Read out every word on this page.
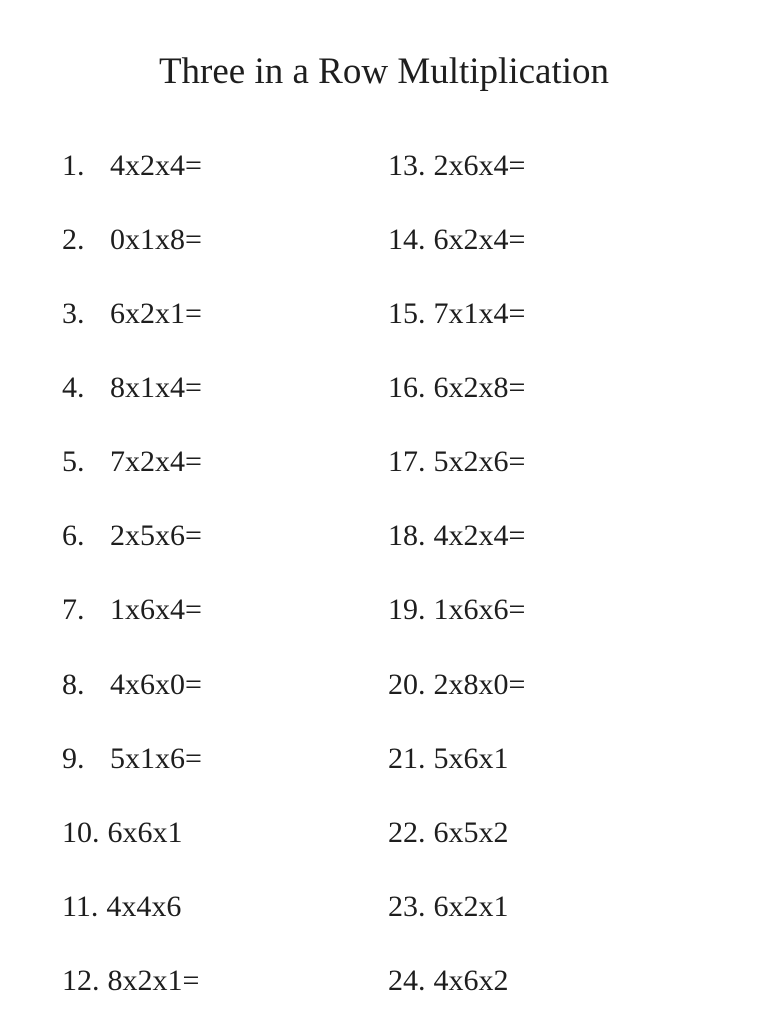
Three in a Row Multiplication
1. 4x2x4=
2. 0x1x8=
3. 6x2x1=
4. 8x1x4=
5. 7x2x4=
6. 2x5x6=
7. 1x6x4=
8. 4x6x0=
9. 5x1x6=
10. 6x6x1
11. 4x4x6
12. 8x2x1=
13. 2x6x4=
14. 6x2x4=
15. 7x1x4=
16. 6x2x8=
17. 5x2x6=
18. 4x2x4=
19. 1x6x6=
20. 2x8x0=
21. 5x6x1
22. 6x5x2
23. 6x2x1
24. 4x6x2
